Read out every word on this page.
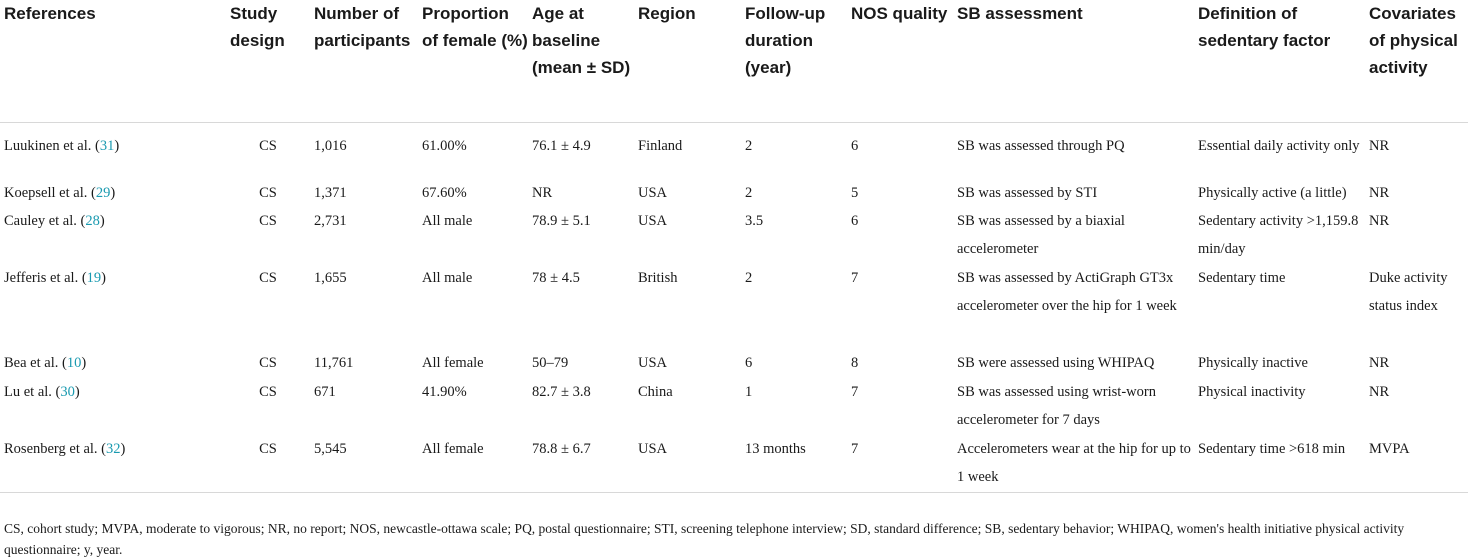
References	Study design	Number of participants	Proportion of female (%)	Age at baseline (mean ± SD)	Region	Follow-up duration (year)	NOS quality	SB assessment	Definition of sedentary factor	Covariates of physical activity
Luukinen et al. (31)	CS	1,016	61.00%	76.1 ± 4.9	Finland	2	6	SB was assessed through PQ	Essential daily activity only	NR
Koepsell et al. (29)	CS	1,371	67.60%	NR	USA	2	5	SB was assessed by STI	Physically active (a little)	NR
Cauley et al. (28)	CS	2,731	All male	78.9 ± 5.1	USA	3.5	6	SB was assessed by a biaxial accelerometer	Sedentary activity >1,159.8 min/day	NR
Jefferis et al. (19)	CS	1,655	All male	78 ± 4.5	British	2	7	SB was assessed by ActiGraph GT3x accelerometer over the hip for 1 week	Sedentary time	Duke activity status index
Bea et al. (10)	CS	11,761	All female	50–79	USA	6	8	SB were assessed using WHIPAQ	Physically inactive	NR
Lu et al. (30)	CS	671	41.90%	82.7 ± 3.8	China	1	7	SB was assessed using wrist-worn accelerometer for 7 days	Physical inactivity	NR
Rosenberg et al. (32)	CS	5,545	All female	78.8 ± 6.7	USA	13 months	7	Accelerometers wear at the hip for up to 1 week	Sedentary time >618 min	MVPA
CS, cohort study; MVPA, moderate to vigorous; NR, no report; NOS, newcastle-ottawa scale; PQ, postal questionnaire; STI, screening telephone interview; SD, standard difference; SB, sedentary behavior; WHIPAQ, women's health initiative physical activity questionnaire; y, year.
